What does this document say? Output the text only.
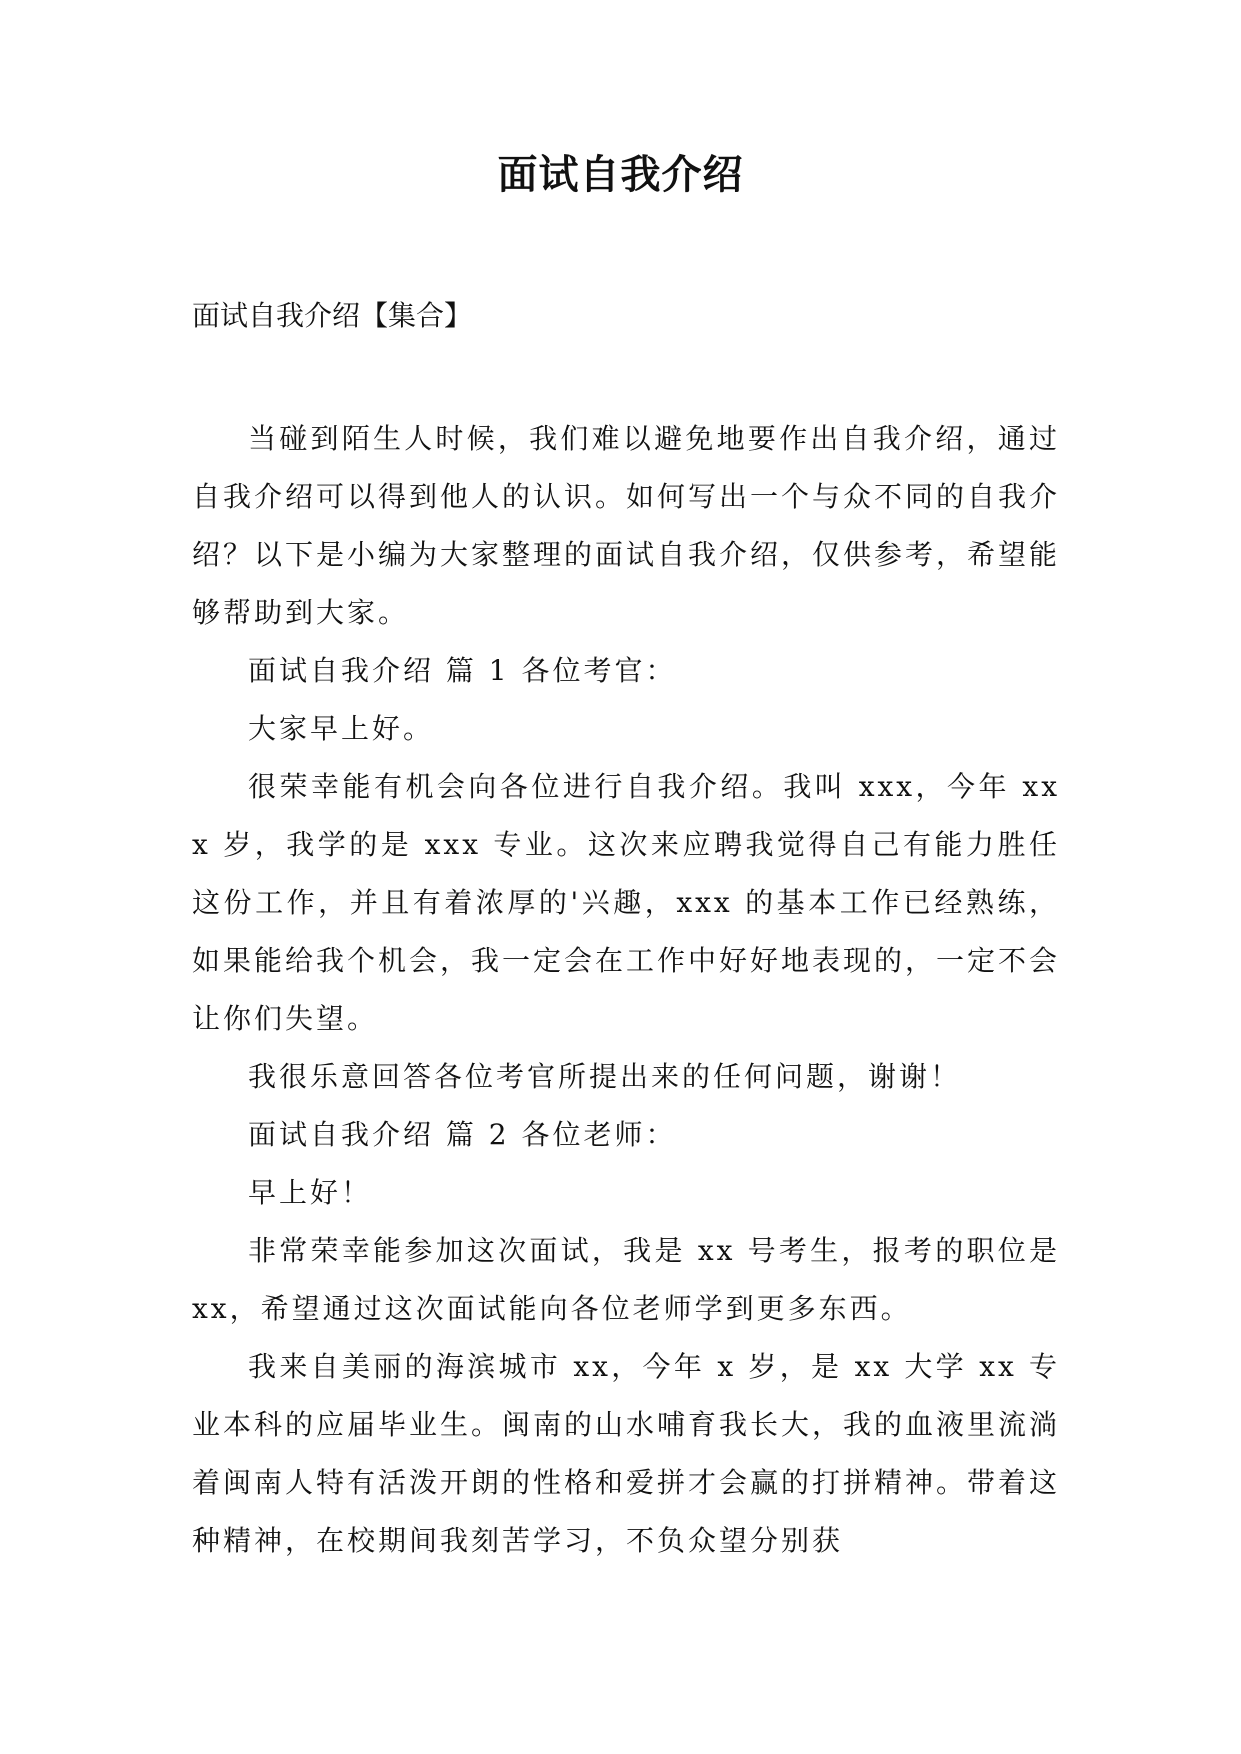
面试自我介绍
面试自我介绍【集合】

当碰到陌生人时候，我们难以避免地要作出自我介绍，通过自我介绍可以得到他人的认识。如何写出一个与众不同的自我介绍？以下是小编为大家整理的面试自我介绍，仅供参考，希望能够帮助到大家。

面试自我介绍 篇 1 各位考官：

大家早上好。

很荣幸能有机会向各位进行自我介绍。我叫 xxx，今年 xxx 岁，我学的是 xxx 专业。这次来应聘我觉得自己有能力胜任这份工作，并且有着浓厚的'兴趣，xxx 的基本工作已经熟练，如果能给我个机会，我一定会在工作中好好地表现的，一定不会让你们失望。

我很乐意回答各位考官所提出来的任何问题，谢谢！

面试自我介绍 篇 2 各位老师：

早上好！

非常荣幸能参加这次面试，我是 xx 号考生，报考的职位是 xx，希望通过这次面试能向各位老师学到更多东西。

我来自美丽的海滨城市 xx，今年 x 岁，是 xx 大学 xx 专业本科的应届毕业生。闽南的山水哺育我长大，我的血液里流淌着闽南人特有活泼开朗的性格和爱拼才会赢的打拼精神。带着这种精神，在校期间我刻苦学习，不负众望分别获
